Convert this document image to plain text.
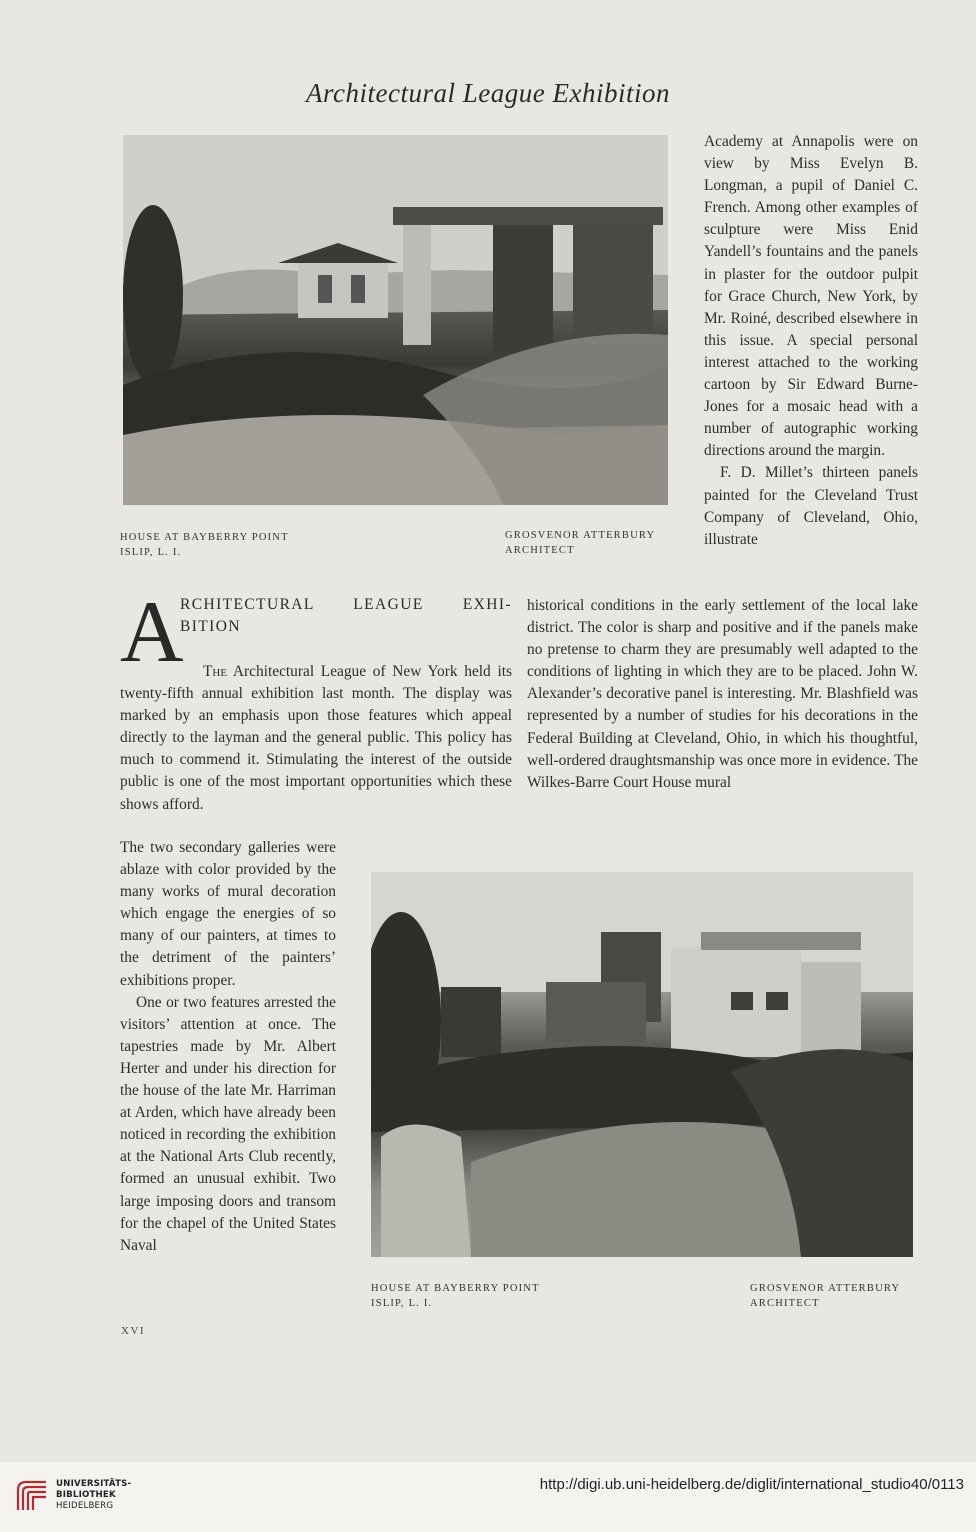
Architectural League Exhibition
HOUSE AT BAYBERRY POINT
ISLIP, L. I.
GROSVENOR ATTERBURY
ARCHITECT

Academy at Annapolis were on view by Miss Evelyn B. Longman, a pupil of Daniel C. French. Among other examples of sculpture were Miss Enid Yandell’s fountains and the panels in plaster for the outdoor pulpit for Grace Church, New York, by Mr. Roiné, described elsewhere in this issue. A special personal interest attached to the working cartoon by Sir Edward Burne-Jones for a mosaic head with a number of autographic working directions around the margin.

F. D. Millet’s thirteen panels painted for the Cleveland Trust Company of Cleveland, Ohio, illustrate

A
RCHITECTURAL LEAGUE EXHI-
BITION

The Architectural League of New York held its twenty-fifth annual exhibition last month. The display was marked by an emphasis upon those features which appeal directly to the layman and the general public. This policy has much to commend it. Stimulating the interest of the outside public is one of the most important opportunities which these shows afford.

historical conditions in the early settlement of the local lake district. The color is sharp and positive and if the panels make no pretense to charm they are presumably well adapted to the conditions of lighting in which they are to be placed. John W. Alexander’s decorative panel is interesting. Mr. Blashfield was represented by a number of studies for his decorations in the Federal Building at Cleveland, Ohio, in which his thoughtful, well-ordered draughtsmanship was once more in evidence. The Wilkes-Barre Court House mural

The two secondary galleries were ablaze with color provided by the many works of mural decoration which engage the energies of so many of our painters, at times to the detriment of the painters’ exhibitions proper.

One or two features arrested the visitors’ attention at once. The tapestries made by Mr. Albert Herter and under his direction for the house of the late Mr. Harriman at Arden, which have already been noticed in recording the exhibition at the National Arts Club recently, formed an unusual exhibit. Two large imposing doors and transom for the chapel of the United States Naval

HOUSE AT BAYBERRY POINT
ISLIP, L. I.
GROSVENOR ATTERBURY
ARCHITECT
XVI
UNIVERSITÄTS-
BIBLIOTHEK
HEIDELBERG
http://digi.ub.uni-heidelberg.de/diglit/international_studio40/0113
